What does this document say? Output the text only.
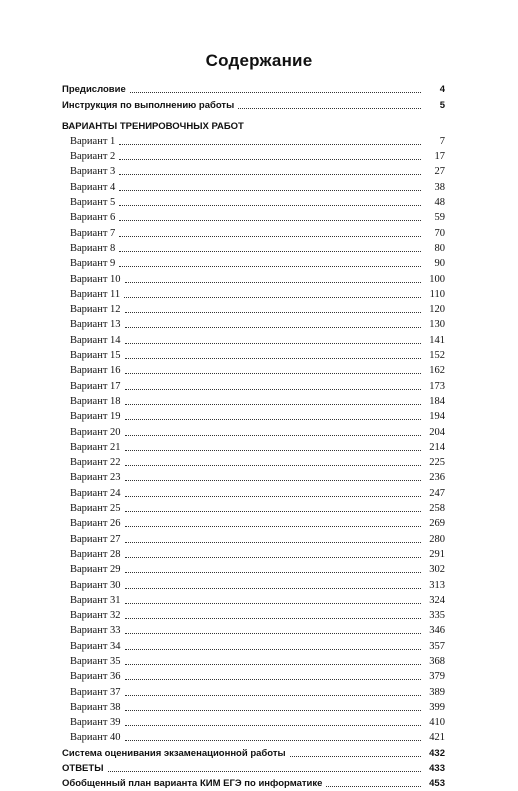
Содержание
Предисловие	4
Инструкция по выполнению работы	5
ВАРИАНТЫ ТРЕНИРОВОЧНЫХ РАБОТ
Вариант 1	7
Вариант 2	17
Вариант 3	27
Вариант 4	38
Вариант 5	48
Вариант 6	59
Вариант 7	70
Вариант 8	80
Вариант 9	90
Вариант 10	100
Вариант 11	110
Вариант 12	120
Вариант 13	130
Вариант 14	141
Вариант 15	152
Вариант 16	162
Вариант 17	173
Вариант 18	184
Вариант 19	194
Вариант 20	204
Вариант 21	214
Вариант 22	225
Вариант 23	236
Вариант 24	247
Вариант 25	258
Вариант 26	269
Вариант 27	280
Вариант 28	291
Вариант 29	302
Вариант 30	313
Вариант 31	324
Вариант 32	335
Вариант 33	346
Вариант 34	357
Вариант 35	368
Вариант 36	379
Вариант 37	389
Вариант 38	399
Вариант 39	410
Вариант 40	421
Система оценивания экзаменационной работы	432
ОТВЕТЫ	433
Обобщенный план варианта КИМ ЕГЭ по информатике	453
